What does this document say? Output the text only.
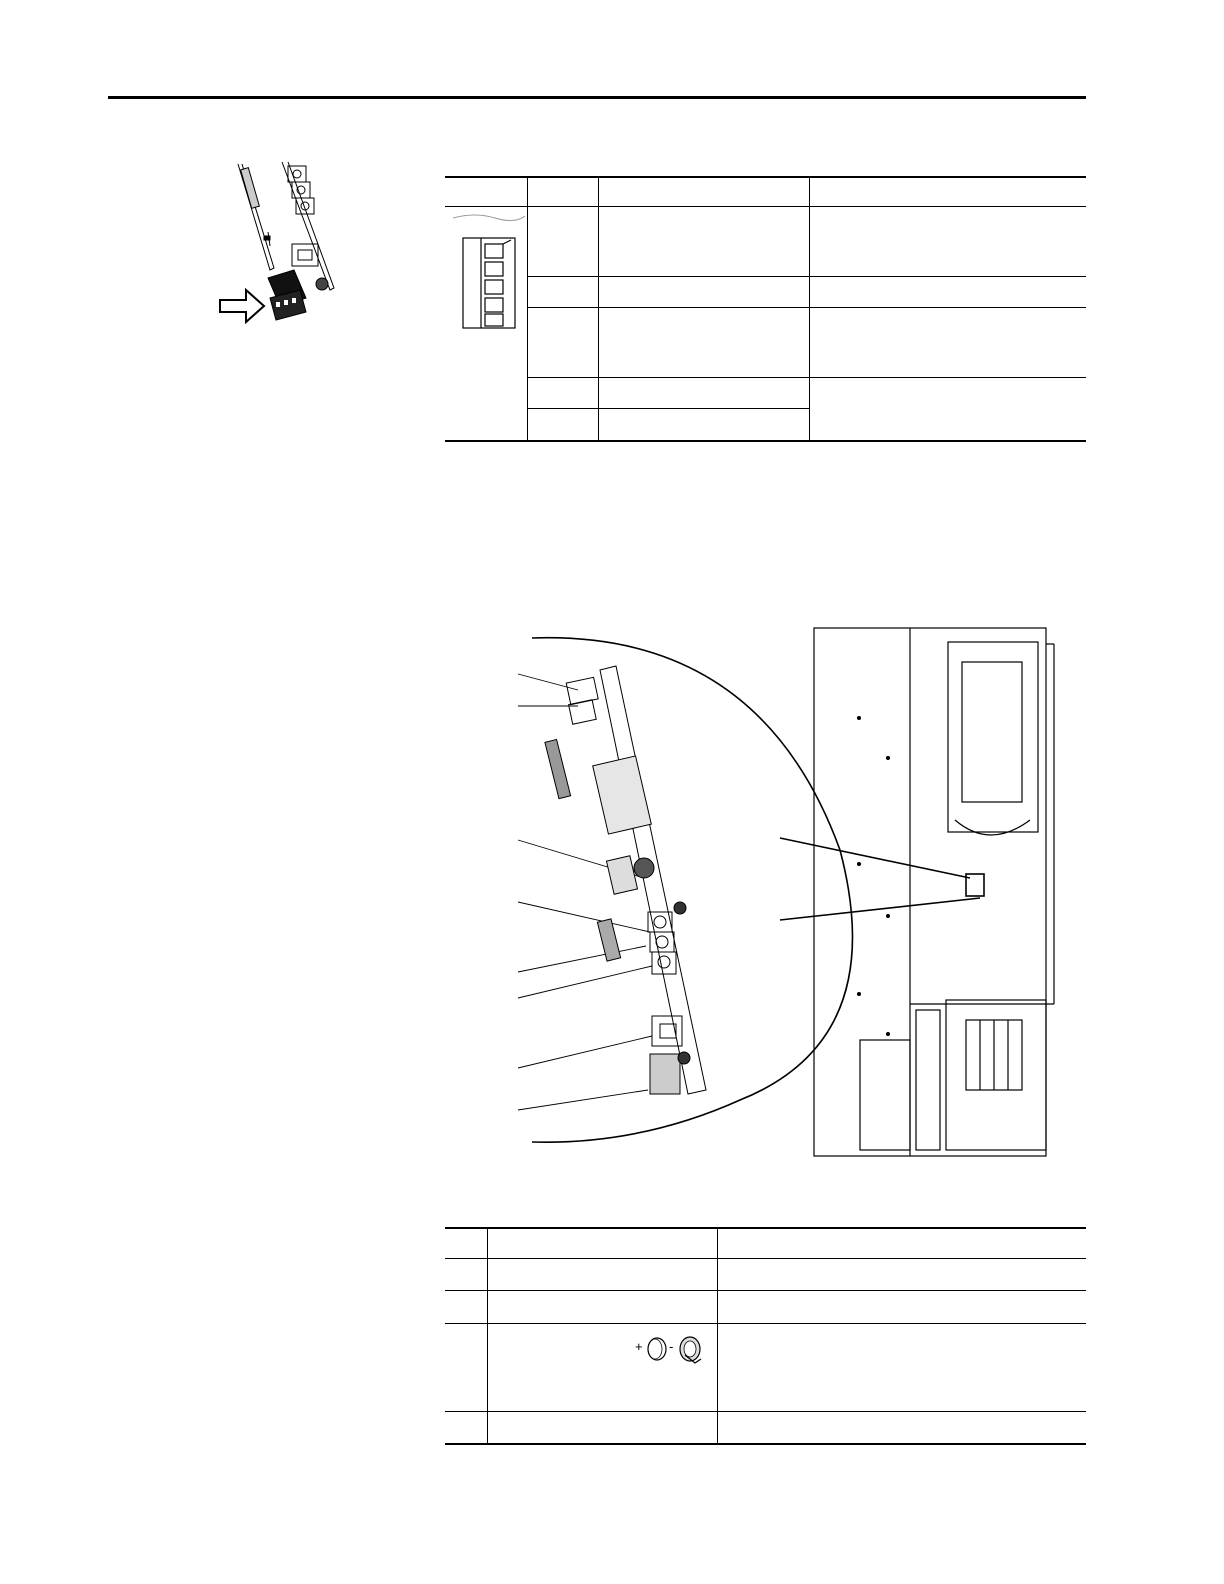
+ -
